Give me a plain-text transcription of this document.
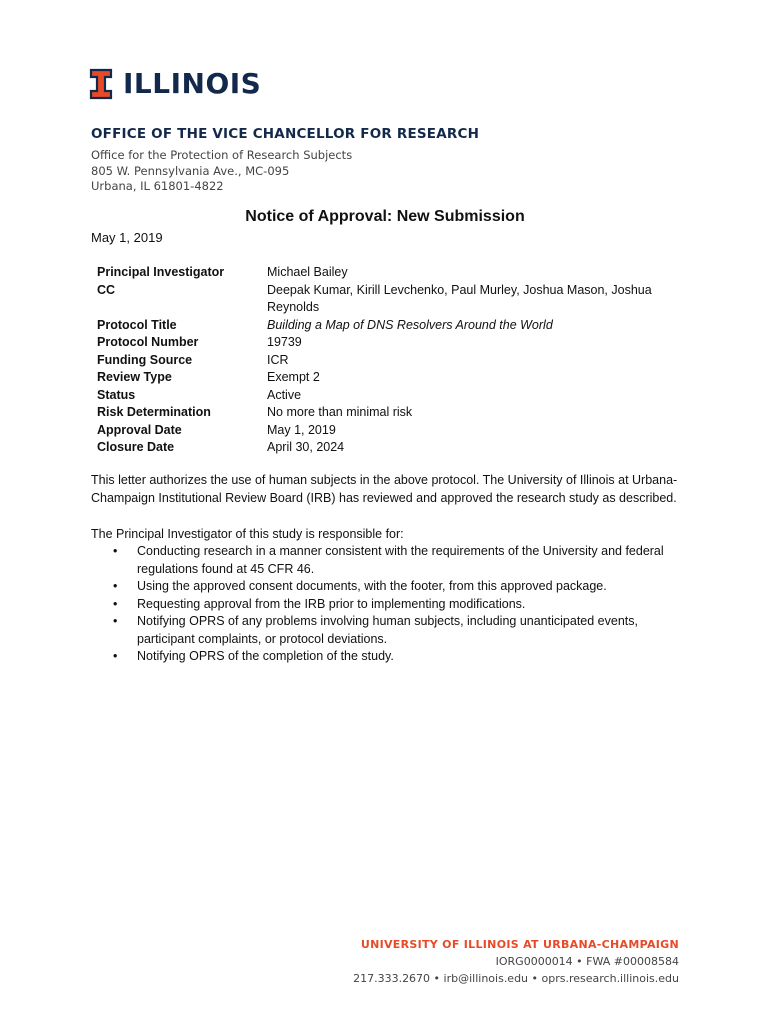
ILLINOIS
OFFICE OF THE VICE CHANCELLOR FOR RESEARCH
Office for the Protection of Research Subjects
805 W. Pennsylvania Ave., MC-095
Urbana, IL 61801-4822
Notice of Approval: New Submission
May 1, 2019
Principal Investigator	Michael Bailey
CC	Deepak Kumar, Kirill Levchenko, Paul Murley, Joshua Mason, Joshua
Reynolds
Protocol Title	Building a Map of DNS Resolvers Around the World
Protocol Number	19739
Funding Source	ICR
Review Type	Exempt 2
Status	Active
Risk Determination	No more than minimal risk
Approval Date	May 1, 2019
Closure Date	April 30, 2024
This letter authorizes the use of human subjects in the above protocol. The University of Illinois at Urbana-Champaign Institutional Review Board (IRB) has reviewed and approved the research study as described.
The Principal Investigator of this study is responsible for:
•	Conducting research in a manner consistent with the requirements of the University and federal regulations found at 45 CFR 46.
•	Using the approved consent documents, with the footer, from this approved package.
•	Requesting approval from the IRB prior to implementing modifications.
•	Notifying OPRS of any problems involving human subjects, including unanticipated events, participant complaints, or protocol deviations.
•	Notifying OPRS of the completion of the study.
UNIVERSITY OF ILLINOIS AT URBANA-CHAMPAIGN
IORG0000014 • FWA #00008584
217.333.2670 • irb@illinois.edu • oprs.research.illinois.edu
